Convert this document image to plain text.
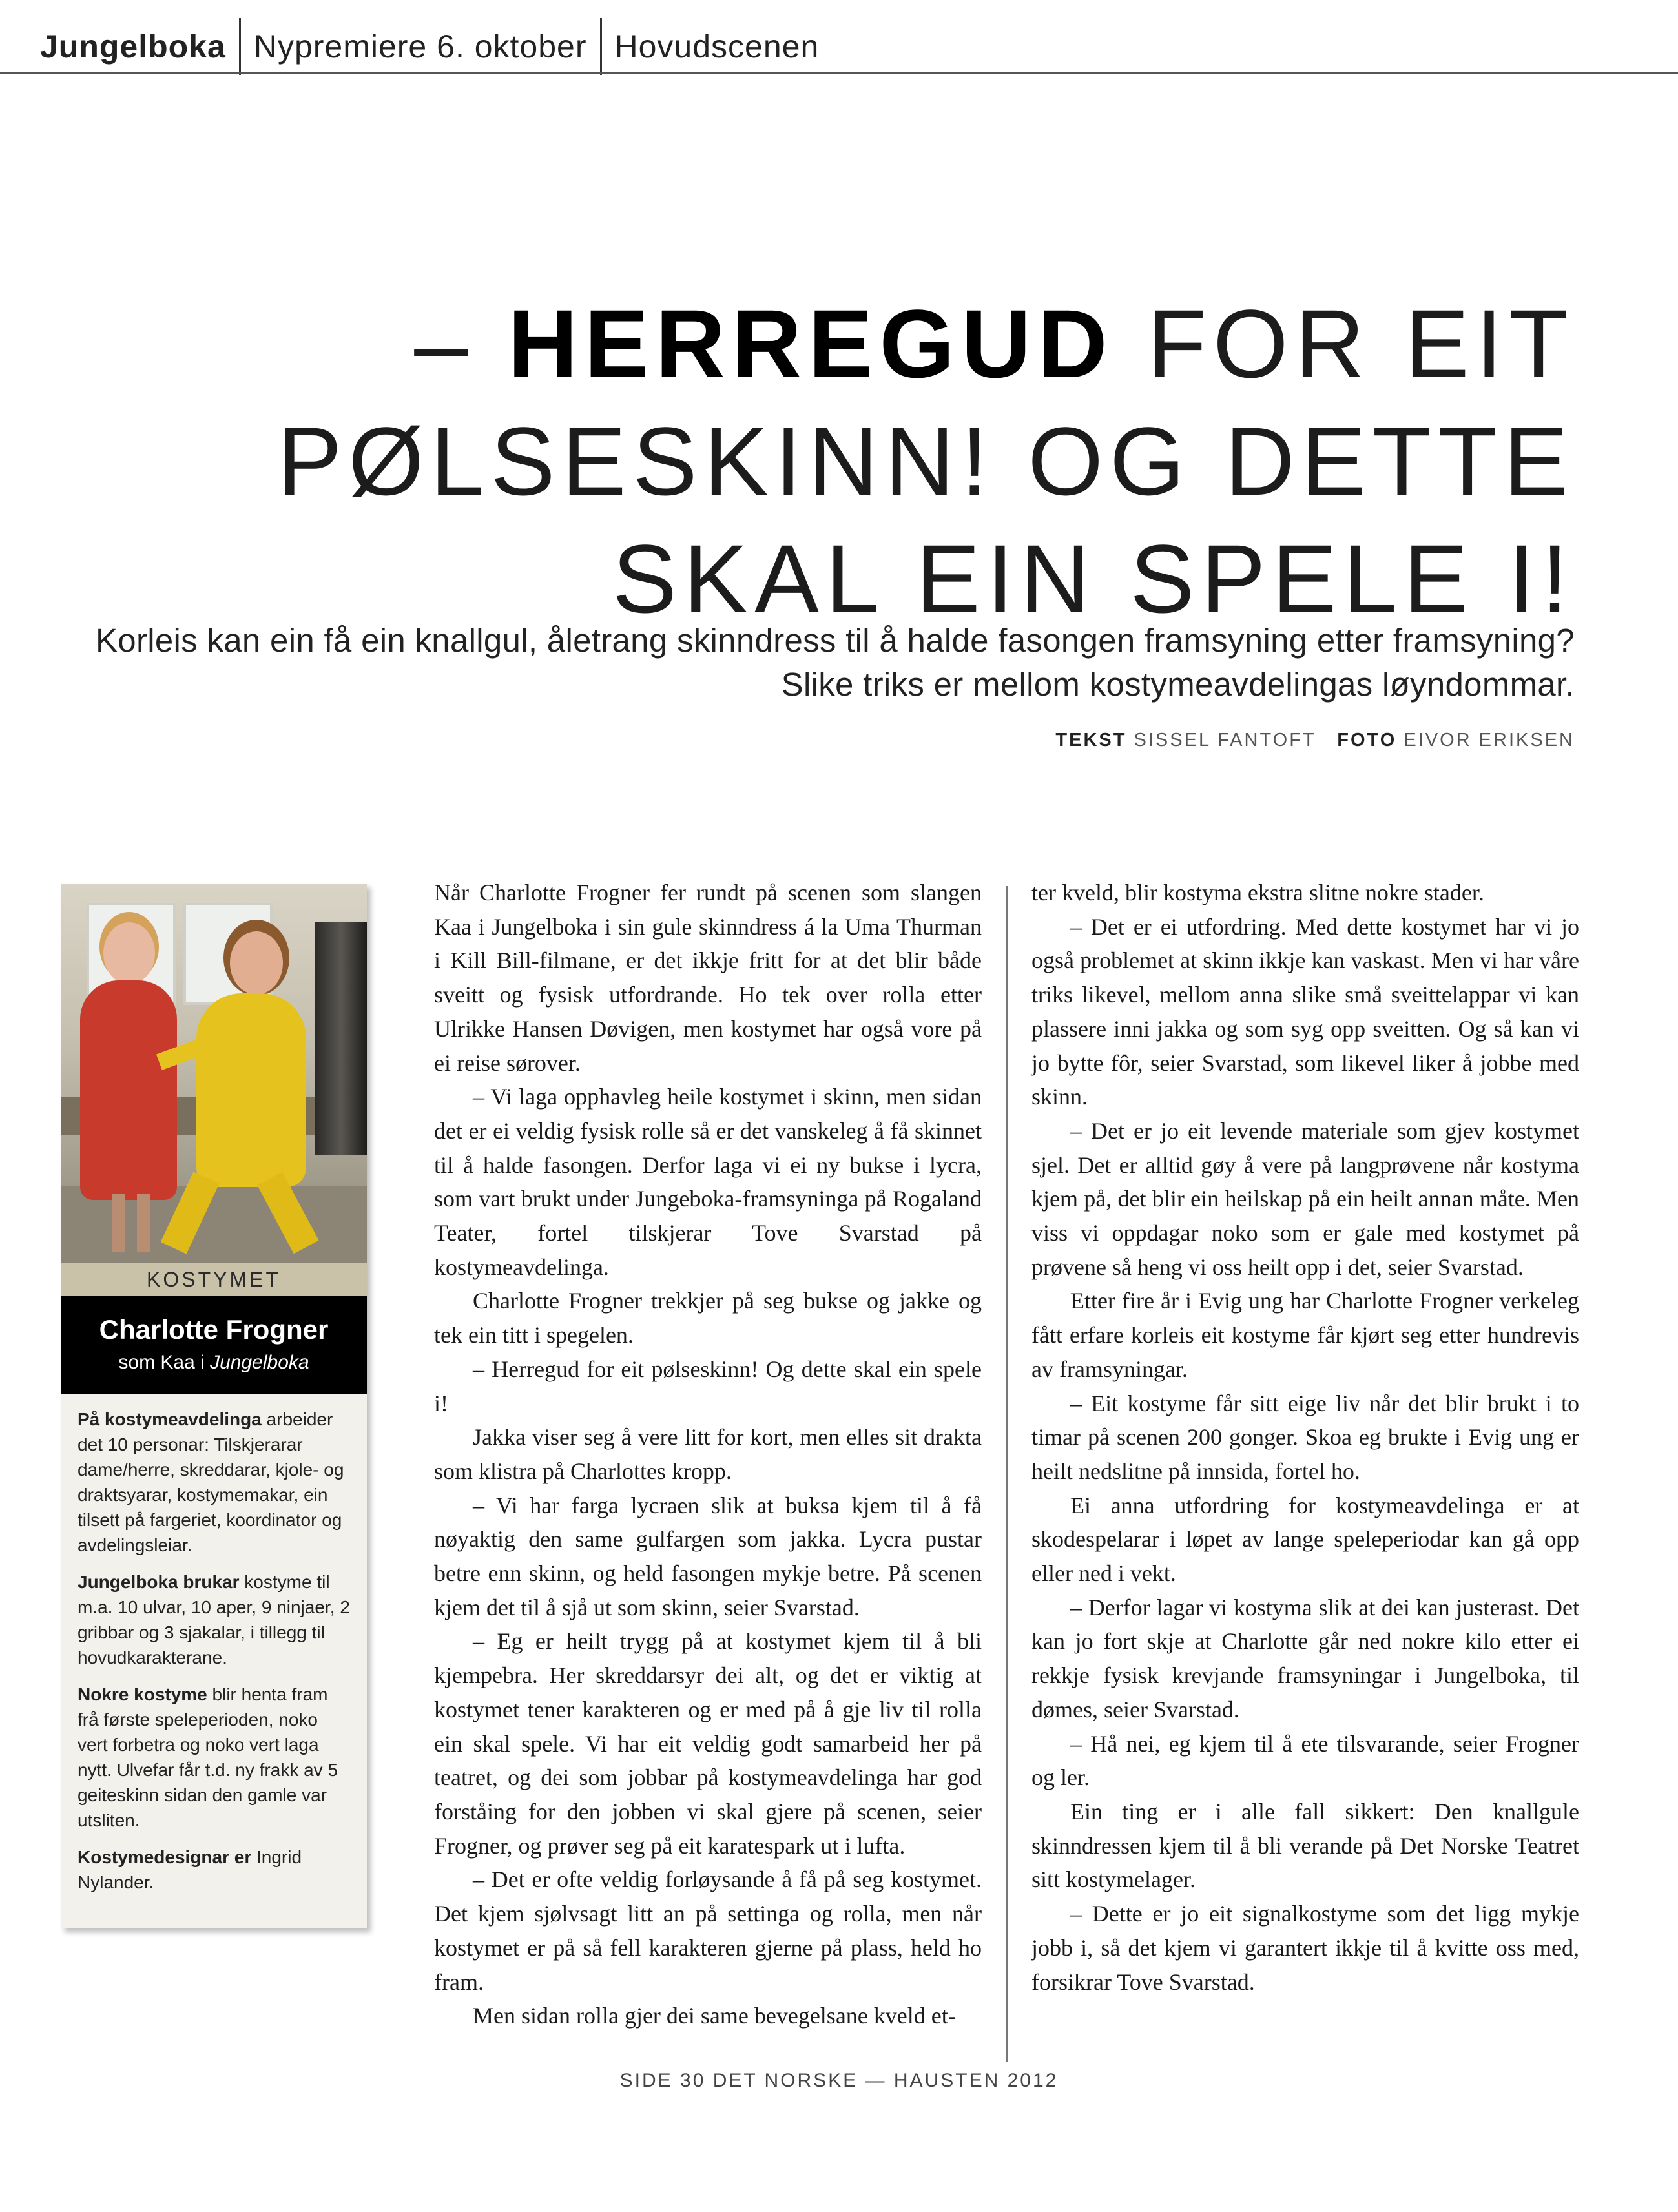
Jungelboka Nypremiere 6. oktober Hovudscenen
– HERREGUD FOR EIT
PØLSESKINN! OG DETTE
SKAL EIN SPELE I!
Korleis kan ein få ein knallgul, åletrang skinndress til å halde fasongen framsyning etter framsyning? Slike triks er mellom kostymeavdelingas løyndommar.
TEKST SISSEL FANTOFT FOTO EIVOR ERIKSEN
KOSTYMET
Charlotte Frogner
som Kaa i Jungelboka

På kostymeavdelinga arbeider det 10 personar: Tilskjerarar dame/herre, skreddarar, kjole- og draktsyarar, kostymemakar, ein tilsett på fargeriet, koordinator og avdelingsleiar.

Jungelboka brukar kostyme til m.a. 10 ulvar, 10 aper, 9 ninjaer, 2 gribbar og 3 sjakalar, i tillegg til hovudkarakterane.

Nokre kostyme blir henta fram frå første speleperioden, noko vert forbetra og noko vert laga nytt. Ulvefar får t.d. ny frakk av 5 geiteskinn sidan den gamle var utsliten.

Kostymedesignar er Ingrid Nylander.

Når Charlotte Frogner fer rundt på scenen som slangen Kaa i Jungelboka i sin gule skinndress á la Uma Thurman i Kill Bill-filmane, er det ikkje fritt for at det blir både sveitt og fysisk utfordrande. Ho tek over rolla etter Ulrikke Hansen Døvigen, men kostymet har også vore på ei reise sørover.

– Vi laga opphavleg heile kostymet i skinn, men sidan det er ei veldig fysisk rolle så er det vanskeleg å få skinnet til å halde fasongen. Derfor laga vi ei ny bukse i lycra, som vart brukt under Jungeboka-framsyninga på Rogaland Teater, fortel tilskjerar Tove Svarstad på kostymeavdelinga.

Charlotte Frogner trekkjer på seg bukse og jakke og tek ein titt i spegelen.

– Herregud for eit pølseskinn! Og dette skal ein spele i!

Jakka viser seg å vere litt for kort, men elles sit drakta som klistra på Charlottes kropp.

– Vi har farga lycraen slik at buksa kjem til å få nøyaktig den same gulfargen som jakka. Lycra pustar betre enn skinn, og held fasongen mykje betre. På scenen kjem det til å sjå ut som skinn, seier Svarstad.

– Eg er heilt trygg på at kostymet kjem til å bli kjempebra. Her skreddarsyr dei alt, og det er viktig at kostymet tener karakteren og er med på å gje liv til rolla ein skal spele. Vi har eit veldig godt samarbeid her på teatret, og dei som jobbar på kostymeavdelinga har god forståing for den jobben vi skal gjere på scenen, seier Frogner, og prøver seg på eit karatespark ut i lufta.

– Det er ofte veldig forløysande å få på seg kostymet. Det kjem sjølvsagt litt an på settinga og rolla, men når kostymet er på så fell karakteren gjerne på plass, held ho fram.

Men sidan rolla gjer dei same bevegelsane kveld et-

ter kveld, blir kostyma ekstra slitne nokre stader.

– Det er ei utfordring. Med dette kostymet har vi jo også problemet at skinn ikkje kan vaskast. Men vi har våre triks likevel, mellom anna slike små sveittelappar vi kan plassere inni jakka og som syg opp sveitten. Og så kan vi jo bytte fôr, seier Svarstad, som likevel liker å jobbe med skinn.

– Det er jo eit levende materiale som gjev kostymet sjel. Det er alltid gøy å vere på langprøvene når kostyma kjem på, det blir ein heilskap på ein heilt annan måte. Men viss vi oppdagar noko som er gale med kostymet på prøvene så heng vi oss heilt opp i det, seier Svarstad.

Etter fire år i Evig ung har Charlotte Frogner verkeleg fått erfare korleis eit kostyme får kjørt seg etter hundrevis av framsyningar.

– Eit kostyme får sitt eige liv når det blir brukt i to timar på scenen 200 gonger. Skoa eg brukte i Evig ung er heilt nedslitne på innsida, fortel ho.

Ei anna utfordring for kostymeavdelinga er at skodespelarar i løpet av lange speleperiodar kan gå opp eller ned i vekt.

– Derfor lagar vi kostyma slik at dei kan justerast. Det kan jo fort skje at Charlotte går ned nokre kilo etter ei rekkje fysisk krevjande framsyningar i Jungelboka, til dømes, seier Svarstad.

– Hå nei, eg kjem til å ete tilsvarande, seier Frogner og ler.

Ein ting er i alle fall sikkert: Den knallgule skinndressen kjem til å bli verande på Det Norske Teatret sitt kostymelager.

– Dette er jo eit signalkostyme som det ligg mykje jobb i, så det kjem vi garantert ikkje til å kvitte oss med, forsikrar Tove Svarstad.

SIDE 30 DET NORSKE — HAUSTEN 2012
